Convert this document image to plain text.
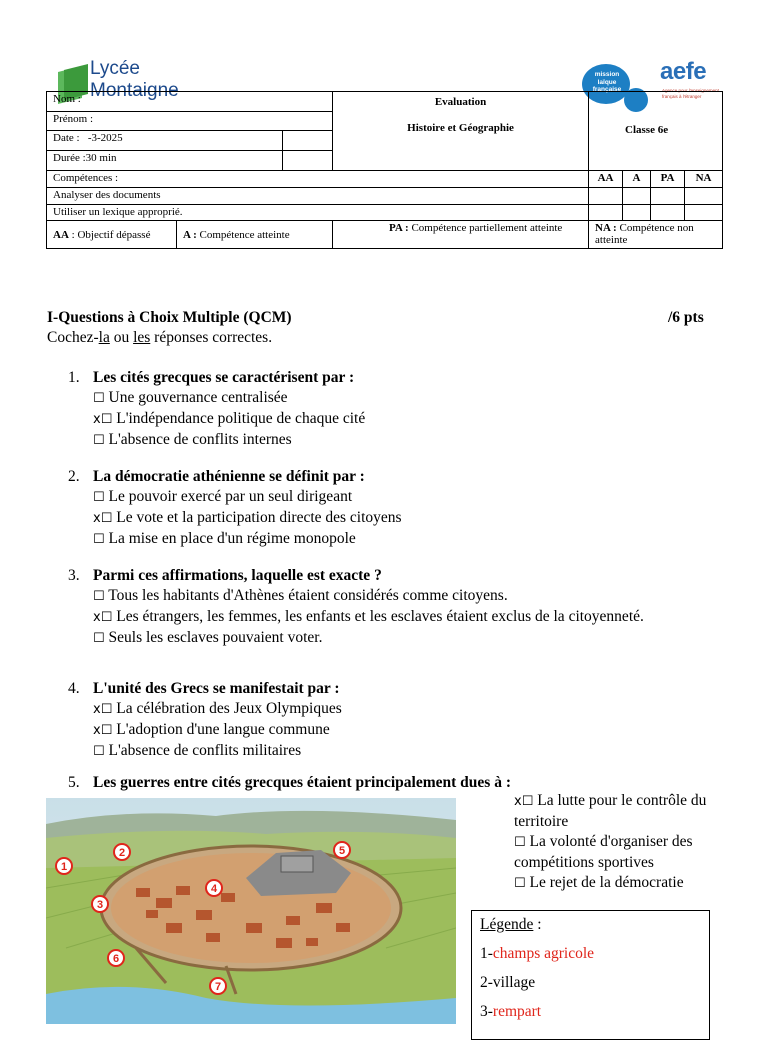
Lycée
Montaigne
mission
laïque
française
aefe
Agence pour l'enseignement français à l'étranger
Nom :			Evaluation
Histoire et Géographie	Classe 6e			
Prénom :							
Date : -3-2025							
Durée :30 min							
Compétences :				AA	A	PA	NA
Analyser des documents							
Utiliser un lexique approprié.							
AA : Objectif dépassé	A : Compétence atteinte		PA : Compétence partiellement atteinte	NA : Compétence non atteinte			
I-Questions à Choix Multiple (QCM)	/6 pts
Cochez-la ou les réponses correctes.
1. Les cités grecques se caractérisent par :
☐ Une gouvernance centralisée
x☐ L'indépendance politique de chaque cité
☐ L'absence de conflits internes
2. La démocratie athénienne se définit par :
☐ Le pouvoir exercé par un seul dirigeant
x☐ Le vote et la participation directe des citoyens
☐ La mise en place d'un régime monopole
3. Parmi ces affirmations, laquelle est exacte ?
☐ Tous les habitants d'Athènes étaient considérés comme citoyens.
x☐ Les étrangers, les femmes, les enfants et les esclaves étaient exclus de la citoyenneté.
☐ Seuls les esclaves pouvaient voter.
4. L'unité des Grecs se manifestait par :
x☐ La célébration des Jeux Olympiques
x☐ L'adoption d'une langue commune
☐ L'absence de conflits militaires
5. Les guerres entre cités grecques étaient principalement dues à :
x☐ La lutte pour le contrôle du territoire
☐ La volonté d'organiser des compétitions sportives
☐ Le rejet de la démocratie
1
2
3
4
5
6
7
Légende :
1-champs agricole
2-village
3-rempart
